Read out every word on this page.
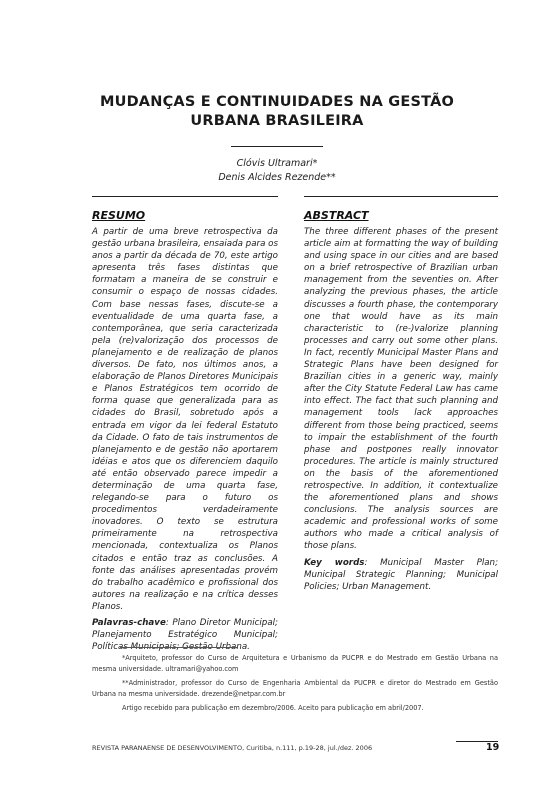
MUDANÇAS E CONTINUIDADES NA GESTÃO
URBANA BRASILEIRA
Clóvis Ultramari*
Denis Alcides Rezende**
RESUMO	ABSTRACT

A partir de uma breve retrospectiva da gestão urbana brasileira, ensaiada para os anos a partir da década de 70, este artigo apresenta três fases distintas que formatam a maneira de se construir e consumir o espaço de nossas cidades. Com base nessas fases, discute-se a eventualidade de uma quarta fase, a contemporânea, que seria caracterizada pela (re)valorização dos processos de planejamento e de realização de planos diversos. De fato, nos últimos anos, a elaboração de Planos Diretores Municipais e Planos Estratégicos tem ocorrido de forma quase que generalizada para as cidades do Brasil, sobretudo após a entrada em vigor da lei federal Estatuto da Cidade. O fato de tais instrumentos de planejamento e de gestão não aportarem idéias e atos que os diferenciem daquilo até então observado parece impedir a determinação de uma quarta fase, relegando-se para o futuro os procedimentos verdadeiramente inovadores. O texto se estrutura primeiramente na retrospectiva mencionada, contextualiza os Planos citados e então traz as conclusões. A fonte das análises apresentadas provém do trabalho acadêmico e profissional dos autores na realização e na crítica desses Planos.

Palavras-chave: Plano Diretor Municipal; Planejamento Estratégico Municipal; Políticas Municipais; Gestão Urbana.

The three different phases of the present article aim at formatting the way of building and using space in our cities and are based on a brief retrospective of Brazilian urban management from the seventies on. After analyzing the previous phases, the article discusses a fourth phase, the contemporary one that would have as its main characteristic to (re-)valorize planning processes and carry out some other plans. In fact, recently Municipal Master Plans and Strategic Plans have been designed for Brazilian cities in a generic way, mainly after the City Statute Federal Law has came into effect. The fact that such planning and management tools lack approaches different from those being practiced, seems to impair the establishment of the fourth phase and postpones really innovator procedures. The article is mainly structured on the basis of the aforementioned retrospective. In addition, it contextualize the aforementioned plans and shows conclusions. The analysis sources are academic and professional works of some authors who made a critical analysis of those plans.

Key words: Municipal Master Plan; Municipal Strategic Planning; Municipal Policies; Urban Management.

*Arquiteto, professor do Curso de Arquitetura e Urbanismo da PUCPR e do Mestrado em Gestão Urbana na mesma universidade. ultramari@yahoo.com

**Administrador, professor do Curso de Engenharia Ambiental da PUCPR e diretor do Mestrado em Gestão Urbana na mesma universidade. drezende@netpar.com.br

Artigo recebido para publicação em dezembro/2006. Aceito para publicação em abril/2007.

REVISTA PARANAENSE DE DESENVOLVIMENTO, Curitiba, n.111, p.19-28, jul./dez. 2006	19
